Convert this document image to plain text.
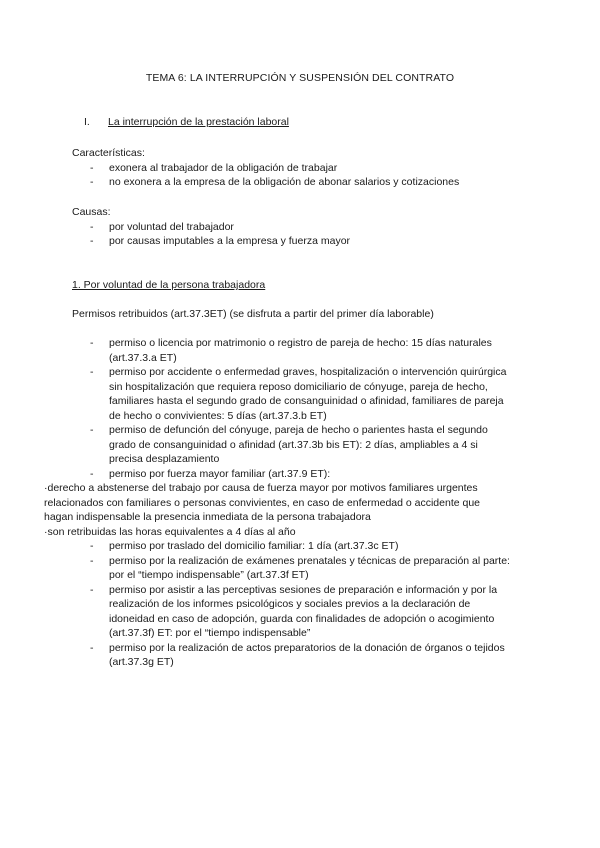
TEMA 6: LA INTERRUPCIÓN Y SUSPENSIÓN DEL CONTRATO
I. La interrupción de la prestación laboral

Características:

- exonera al trabajador de la obligación de trabajar
- no exonera a la empresa de la obligación de abonar salarios y cotizaciones

Causas:

- por voluntad del trabajador
- por causas imputables a la empresa y fuerza mayor
1. Por voluntad de la persona trabajadora

Permisos retribuidos (art.37.3ET) (se disfruta a partir del primer día laborable)

- permiso o licencia por matrimonio o registro de pareja de hecho: 15 días naturales (art.37.3.a ET)
- permiso por accidente o enfermedad graves, hospitalización o intervención quirúrgica sin hospitalización que requiera reposo domiciliario de cónyuge, pareja de hecho, familiares hasta el segundo grado de consanguinidad o afinidad, familiares de pareja de hecho o convivientes: 5 días (art.37.3.b ET)
- permiso de defunción del cónyuge, pareja de hecho o parientes hasta el segundo grado de consanguinidad o afinidad (art.37.3b bis ET): 2 días, ampliables a 4 si precisa desplazamiento
- permiso por fuerza mayor familiar (art.37.9 ET):

·derecho a abstenerse del trabajo por causa de fuerza mayor por motivos familiares urgentes relacionados con familiares o personas convivientes, en caso de enfermedad o accidente que hagan indispensable la presencia inmediata de la persona trabajadora

·son retribuidas las horas equivalentes a 4 días al año

- permiso por traslado del domicilio familiar: 1 día (art.37.3c ET)
- permiso por la realización de exámenes prenatales y técnicas de preparación al parte: por el “tiempo indispensable” (art.37.3f ET)
- permiso por asistir a las perceptivas sesiones de preparación e información y por la realización de los informes psicológicos y sociales previos a la declaración de idoneidad en caso de adopción, guarda con finalidades de adopción o acogimiento (art.37.3f) ET: por el “tiempo indispensable”
- permiso por la realización de actos preparatorios de la donación de órganos o tejidos (art.37.3g ET)
